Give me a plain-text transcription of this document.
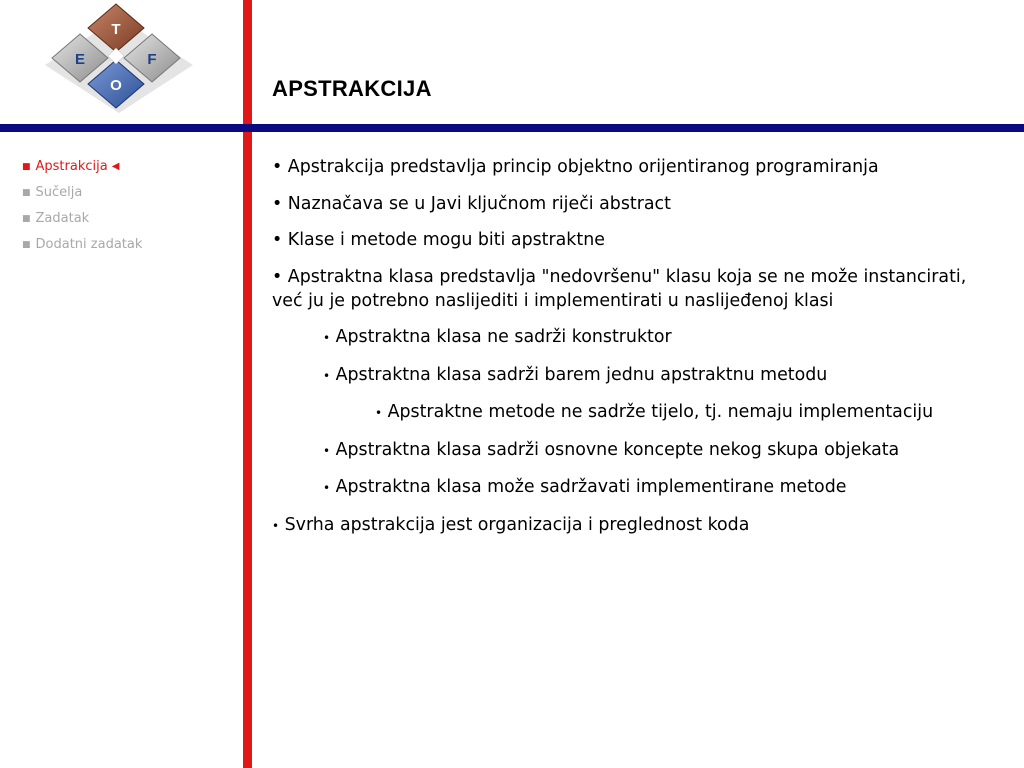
T
E	F
O	APSTRAKCIJA
■ Apstrakcija ◀
■ Sučelja
■ Zadatak
■ Dodatni zadatak
• Apstrakcija predstavlja princip objektno orijentiranog programiranja
• Naznačava se u Javi ključnom riječi abstract
• Klase i metode mogu biti apstraktne
• Apstraktna klasa predstavlja "nedovršenu" klasu koja se ne može instancirati, već ju je potrebno naslijediti i implementirati u naslijeđenoj klasi
• Apstraktna klasa ne sadrži konstruktor
• Apstraktna klasa sadrži barem jednu apstraktnu metodu
• Apstraktne metode ne sadrže tijelo, tj. nemaju implementaciju
• Apstraktna klasa sadrži osnovne koncepte nekog skupa objekata
• Apstraktna klasa može sadržavati implementirane metode
• Svrha apstrakcija jest organizacija i preglednost koda
